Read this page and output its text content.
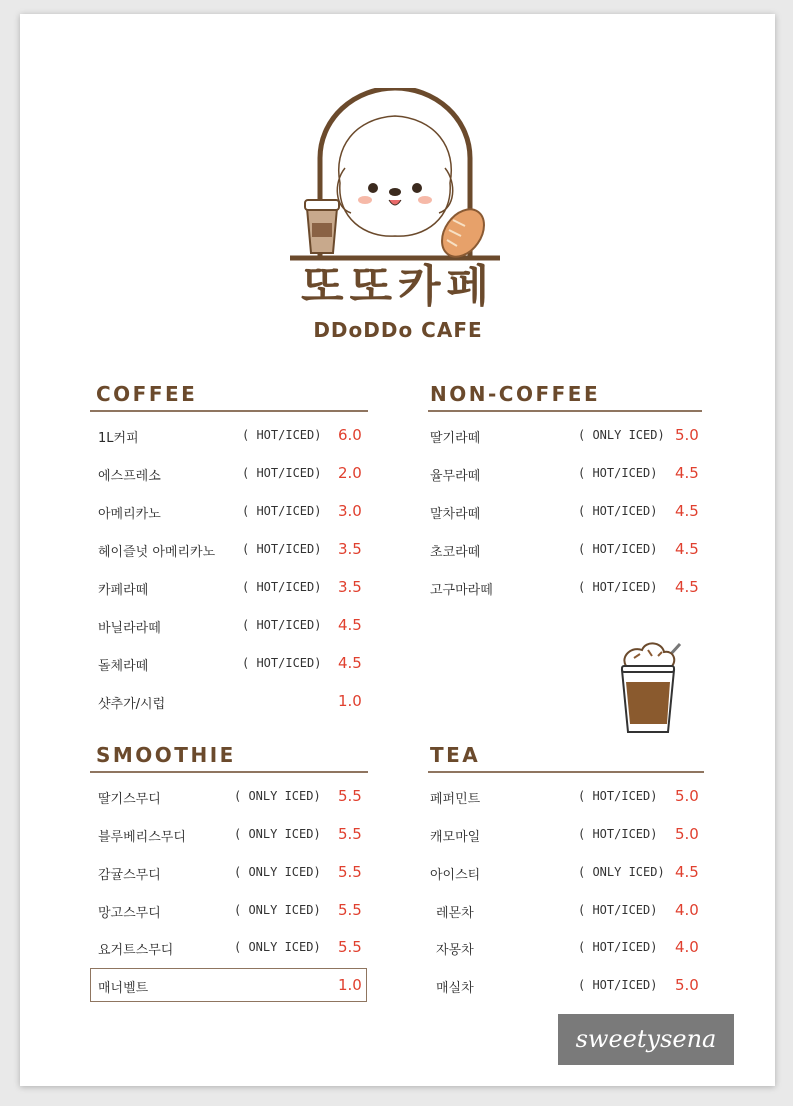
또또카페
DDoDDo CAFE
COFFEE
1L커피	( HOT/ICED) 6.0
에스프레소	( HOT/ICED) 2.0
아메리카노	( HOT/ICED) 3.0
헤이즐넛 아메리카노 ( HOT/ICED) 3.5
카페라떼	( HOT/ICED) 3.5
바닐라라떼	( HOT/ICED) 4.5
돌체라떼	( HOT/ICED) 4.5
샷추가/시럽	1.0
NON-COFFEE
딸기라떼	( ONLY ICED) 5.0
율무라떼	( HOT/ICED) 4.5
말차라떼	( HOT/ICED) 4.5
초코라떼	( HOT/ICED) 4.5
고구마라떼	( HOT/ICED) 4.5
SMOOTHIE
딸기스무디	( ONLY ICED) 5.5
블루베리스무디	( ONLY ICED) 5.5
감귤스무디	( ONLY ICED) 5.5
망고스무디	( ONLY ICED) 5.5
요거트스무디	( ONLY ICED) 5.5
매너벨트	1.0
TEA
페퍼민트	( HOT/ICED) 5.0
캐모마일	( HOT/ICED) 5.0
아이스티	( ONLY ICED) 4.5
레몬차	( HOT/ICED) 4.0
자몽차	( HOT/ICED) 4.0
매실차	( HOT/ICED) 5.0
sweetysena
